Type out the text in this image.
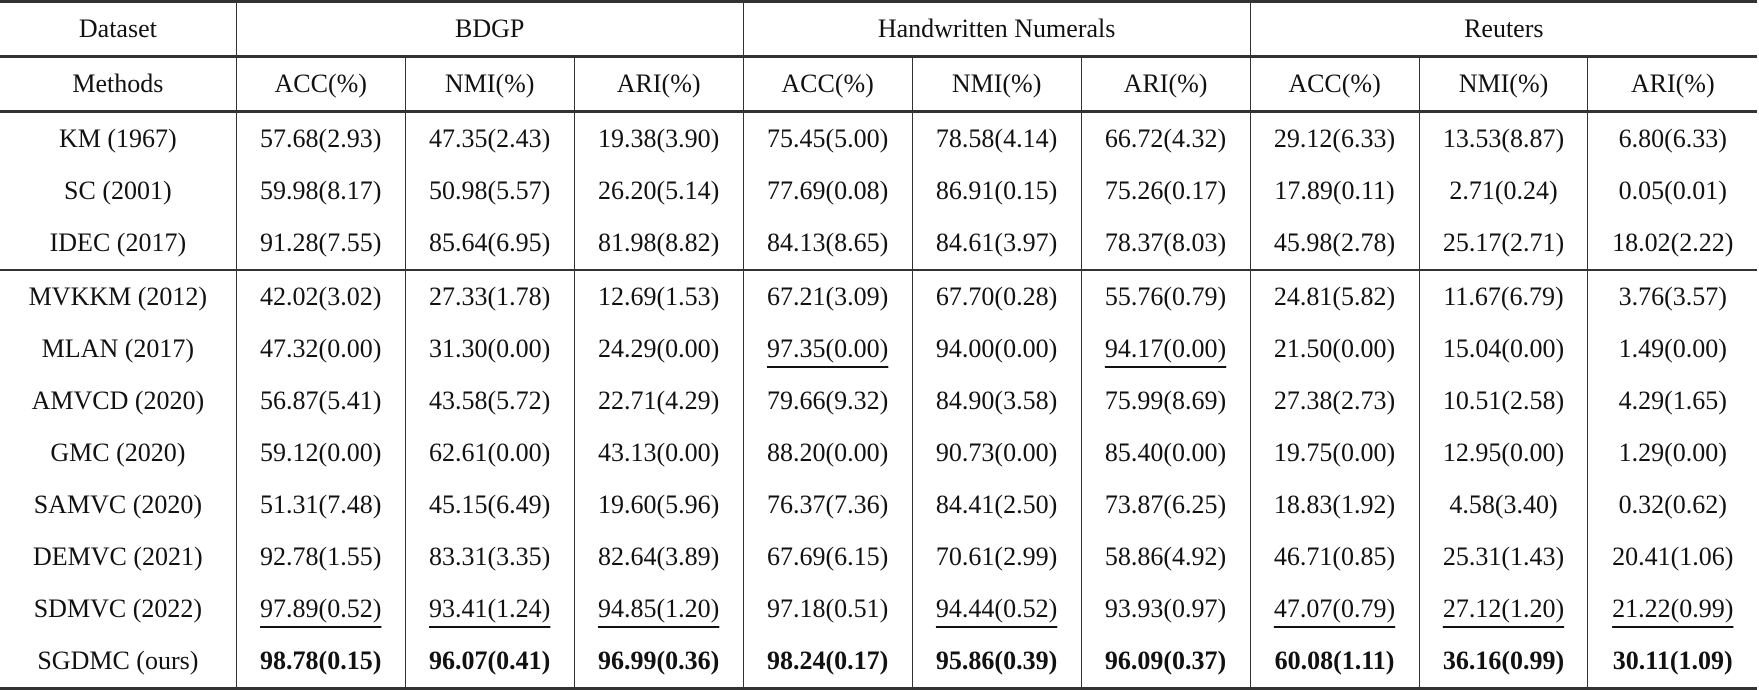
Dataset	BDGP			Handwritten Numerals			Reuters		
Methods	ACC(%)	NMI(%)	ARI(%)	ACC(%)	NMI(%)	ARI(%)	ACC(%)	NMI(%)	ARI(%)
KM (1967)	57.68(2.93)	47.35(2.43)	19.38(3.90)	75.45(5.00)	78.58(4.14)	66.72(4.32)	29.12(6.33)	13.53(8.87)	6.80(6.33)
SC (2001)	59.98(8.17)	50.98(5.57)	26.20(5.14)	77.69(0.08)	86.91(0.15)	75.26(0.17)	17.89(0.11)	2.71(0.24)	0.05(0.01)
IDEC (2017)	91.28(7.55)	85.64(6.95)	81.98(8.82)	84.13(8.65)	84.61(3.97)	78.37(8.03)	45.98(2.78)	25.17(2.71)	18.02(2.22)
MVKKM (2012)	42.02(3.02)	27.33(1.78)	12.69(1.53)	67.21(3.09)	67.70(0.28)	55.76(0.79)	24.81(5.82)	11.67(6.79)	3.76(3.57)
MLAN (2017)	47.32(0.00)	31.30(0.00)	24.29(0.00)	97.35(0.00)	94.00(0.00)	94.17(0.00)	21.50(0.00)	15.04(0.00)	1.49(0.00)
AMVCD (2020)	56.87(5.41)	43.58(5.72)	22.71(4.29)	79.66(9.32)	84.90(3.58)	75.99(8.69)	27.38(2.73)	10.51(2.58)	4.29(1.65)
GMC (2020)	59.12(0.00)	62.61(0.00)	43.13(0.00)	88.20(0.00)	90.73(0.00)	85.40(0.00)	19.75(0.00)	12.95(0.00)	1.29(0.00)
SAMVC (2020)	51.31(7.48)	45.15(6.49)	19.60(5.96)	76.37(7.36)	84.41(2.50)	73.87(6.25)	18.83(1.92)	4.58(3.40)	0.32(0.62)
DEMVC (2021)	92.78(1.55)	83.31(3.35)	82.64(3.89)	67.69(6.15)	70.61(2.99)	58.86(4.92)	46.71(0.85)	25.31(1.43)	20.41(1.06)
SDMVC (2022)	97.89(0.52)	93.41(1.24)	94.85(1.20)	97.18(0.51)	94.44(0.52)	93.93(0.97)	47.07(0.79)	27.12(1.20)	21.22(0.99)
SGDMC (ours)	98.78(0.15)	96.07(0.41)	96.99(0.36)	98.24(0.17)	95.86(0.39)	96.09(0.37)	60.08(1.11)	36.16(0.99)	30.11(1.09)
